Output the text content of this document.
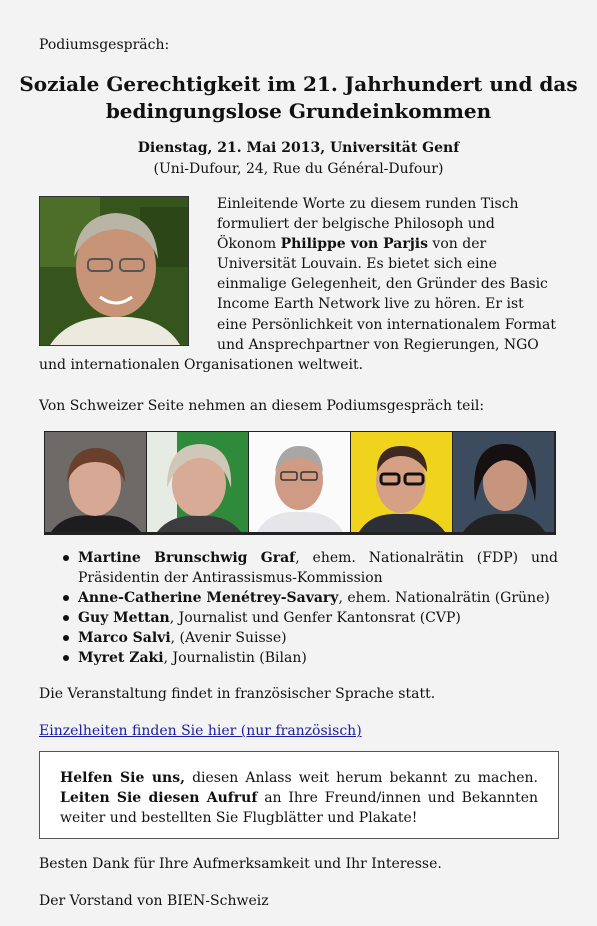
Podiumsgespräch:
Soziale Gerechtigkeit im 21. Jahrhundert und das
bedingungslose Grundeinkommen
Dienstag, 21. Mai 2013, Universität Genf
(Uni-Dufour, 24, Rue du Général-Dufour)

Einleitende Worte zu diesem runden Tisch formuliert der belgische Philosoph und Ökonom Philippe von Parjis von der Universität Louvain. Es bietet sich eine einmalige Gelegenheit, den Gründer des Basic Income Earth Network live zu hören. Er ist eine Persönlichkeit von internationalem Format und Ansprechpartner von Regierungen, NGO und internationalen Organisationen weltweit.

Von Schweizer Seite nehmen an diesem Podiumsgespräch teil:
Martine Brunschwig Graf, ehem. Nationalrätin (FDP) und Präsidentin der Antirassismus-Kommission
Anne-Catherine Menétrey-Savary, ehem. Nationalrätin (Grüne)
Guy Mettan, Journalist und Genfer Kantonsrat (CVP)
Marco Salvi, (Avenir Suisse)
Myret Zaki, Journalistin (Bilan)
Die Veranstaltung findet in französischer Sprache statt.
Einzelheiten finden Sie hier (nur französisch)
Helfen Sie uns, diesen Anlass weit herum bekannt zu machen. Leiten Sie diesen Aufruf an Ihre Freund/innen und Bekannten weiter und bestellten Sie Flugblätter und Plakate!
Besten Dank für Ihre Aufmerksamkeit und Ihr Interesse.
Der Vorstand von BIEN-Schweiz
